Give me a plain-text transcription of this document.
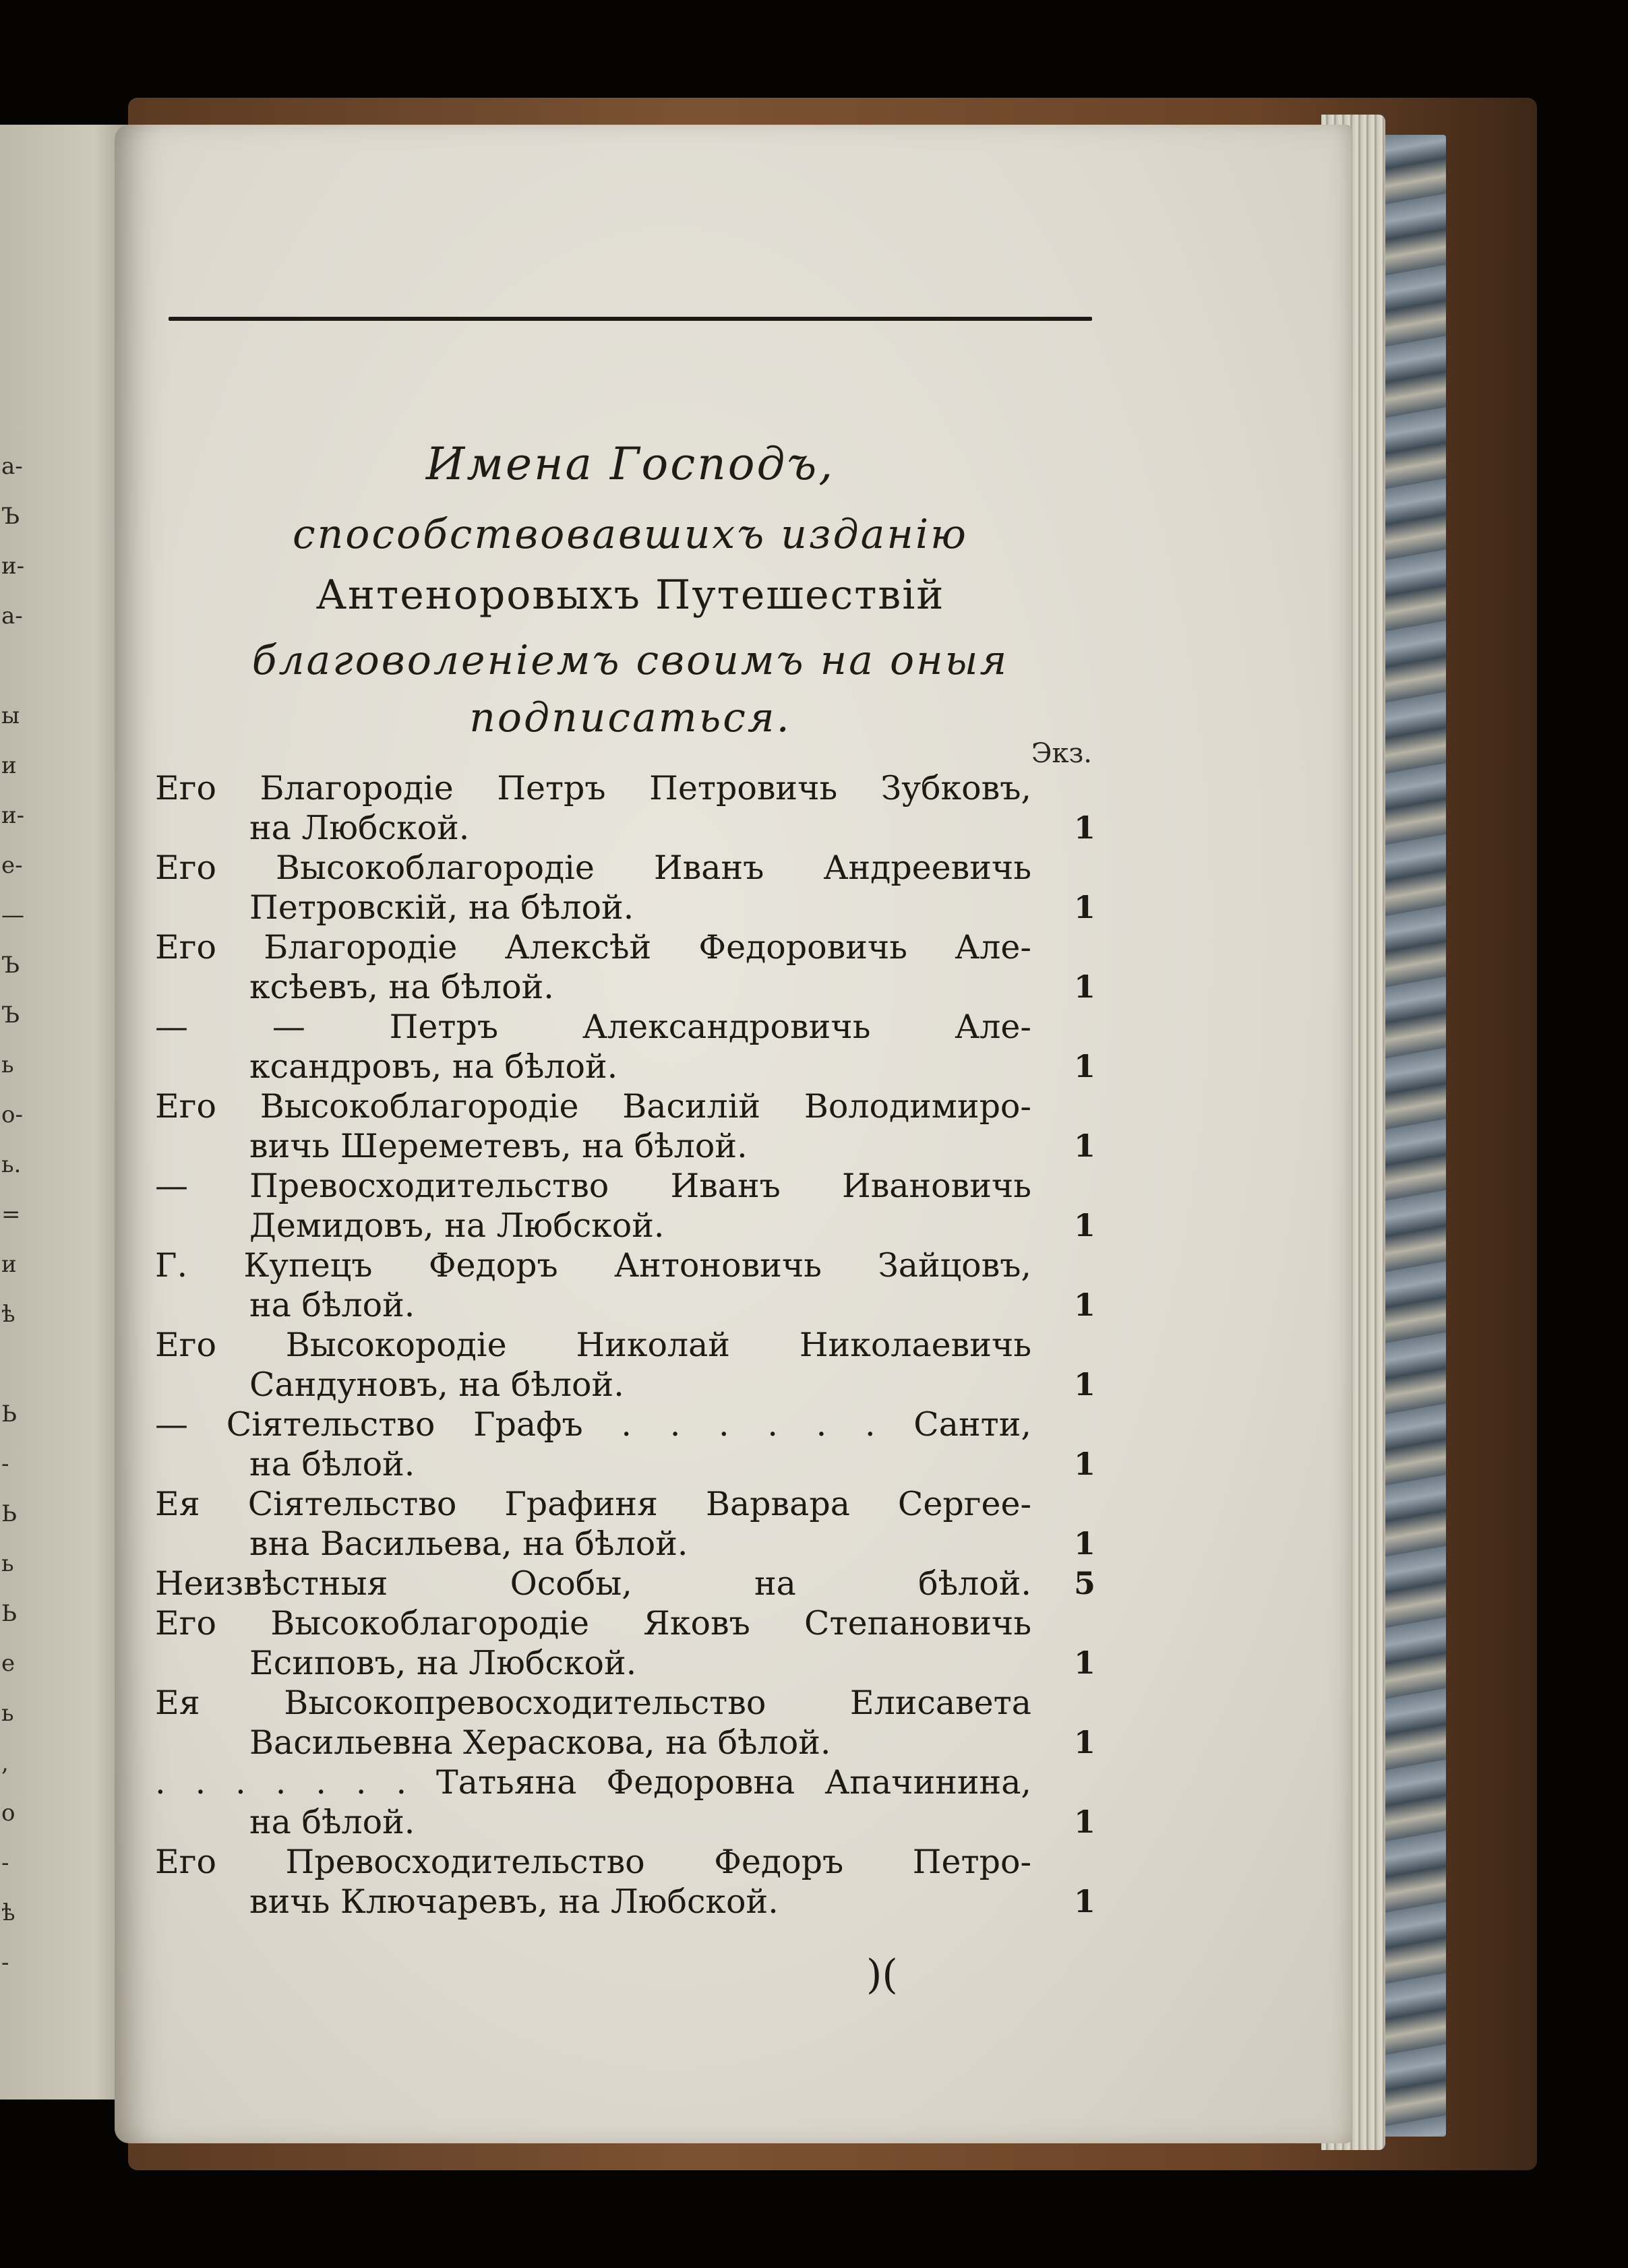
а-
Ъ
и-
а-
ы
и
и-
е-
—
Ъ
Ъ
ь
о-
ь.
=
и
ѣ
Ь
-
Ь
ь
Ь
е
ь
,
о
-
ѣ
-
Имена Господъ,
способствовавшихъ изданію
Антеноровыхъ Путешествій
благоволеніемъ своимъ на оныя
подписаться.
Экз.
Его Благородіе Петръ Петровичь Зубковъ,
на Любской.	1
Его Высокоблагородіе Иванъ Андреевичь
Петровскій, на бѣлой.	1
Его Благородіе Алексѣй Федоровичь Але-
ксѣевъ, на бѣлой.	1
— — Петръ Александровичь Але-
ксандровъ, на бѣлой.	1
Его Высокоблагородіе Василій Володимиро-
вичь Шереметевъ, на бѣлой.	1
— Превосходительство Иванъ Ивановичь
Демидовъ, на Любской.	1
Г. Купецъ Федоръ Антоновичь Зайцовъ,
на бѣлой.	1
Его Высокородіе Николай Николаевичь
Сандуновъ, на бѣлой.	1
— Сіятельство Графъ . . . . . . Санти,
на бѣлой.	1
Ея Сіятельство Графиня Варвара Сергее-
вна Васильева, на бѣлой.	1
Неизвѣстныя Особы, на бѣлой.	5
Его Высокоблагородіе Яковъ Степановичь
Есиповъ, на Любской.	1
Ея Высокопревосходительство Елисавета
Васильевна Хераскова, на бѣлой.	1
. . . . . . . Татьяна Федоровна Апачинина,
на бѣлой.	1
Его Превосходительство Федоръ Петро-
вичь Ключаревъ, на Любской.	1
)(
